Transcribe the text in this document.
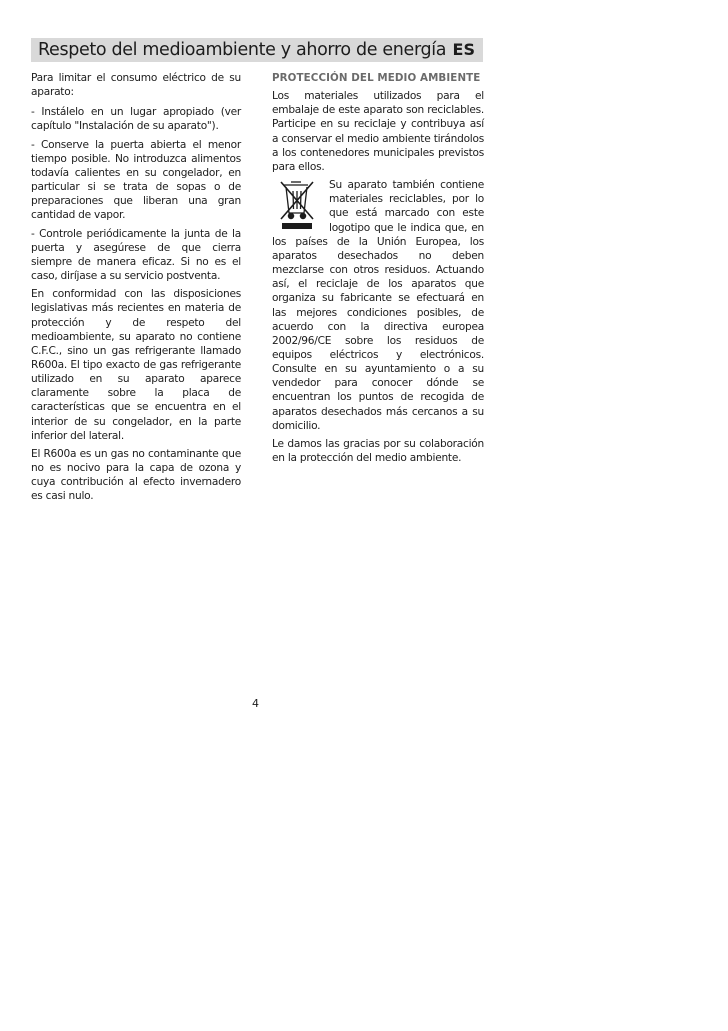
Respeto del medioambiente y ahorro de energía ES

Para limitar el consumo eléctrico de su aparato:

- Instálelo en un lugar apropiado (ver capítulo "Instalación de su aparato").

- Conserve la puerta abierta el menor tiempo posible. No introduzca alimentos todavía calientes en su congelador, en particular si se trata de sopas o de preparaciones que liberan una gran cantidad de vapor.

- Controle periódicamente la junta de la puerta y asegúrese de que cierra siempre de manera eficaz. Si no es el caso, diríjase a su servicio postventa.

En conformidad con las disposiciones legislativas más recientes en materia de protección y de respeto del medioambiente, su aparato no contiene C.F.C., sino un gas refrigerante llamado R600a. El tipo exacto de gas refrigerante utilizado en su aparato aparece claramente sobre la placa de características que se encuentra en el interior de su congelador, en la parte inferior del lateral.

El R600a es un gas no contaminante que no es nocivo para la capa de ozona y cuya contribución al efecto invernadero es casi nulo.

PROTECCIÓN DEL MEDIO AMBIENTE

Los materiales utilizados para el embalaje de este aparato son reciclables. Participe en su reciclaje y contribuya así a conservar el medio ambiente tirándolos a los contenedores municipales previstos para ellos.

Su aparato también contiene materiales reciclables, por lo que está marcado con este logotipo que le indica que, en los países de la Unión Europea, los aparatos desechados no deben mezclarse con otros residuos. Actuando así, el reciclaje de los aparatos que organiza su fabricante se efectuará en las mejores condiciones posibles, de acuerdo con la directiva europea 2002/96/CE sobre los residuos de equipos eléctricos y electrónicos. Consulte en su ayuntamiento o a su vendedor para conocer dónde se encuentran los puntos de recogida de aparatos desechados más cercanos a su domicilio.

Le damos las gracias por su colaboración en la protección del medio ambiente.

4
